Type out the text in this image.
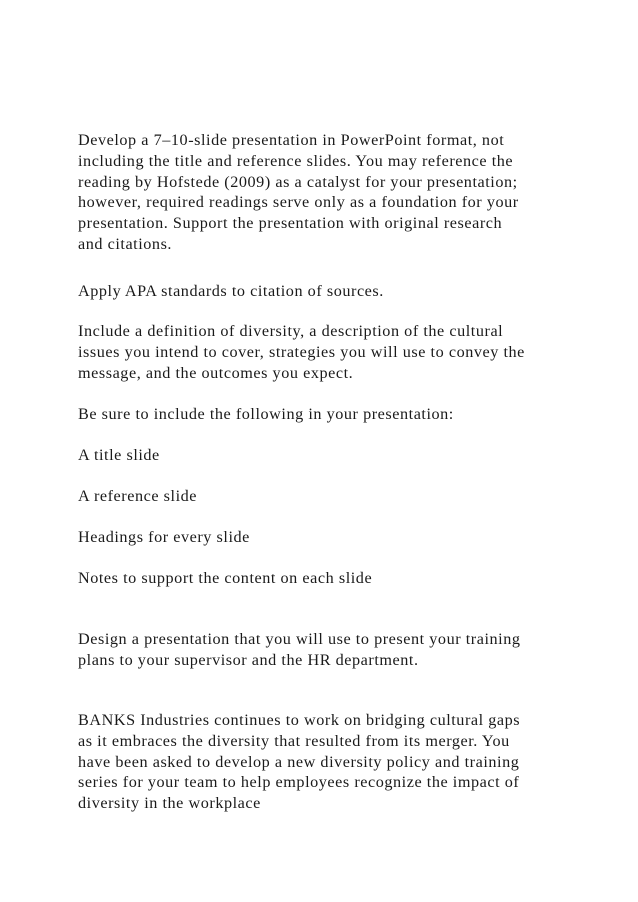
Develop a 7–10-slide presentation in PowerPoint format, not
including the title and reference slides. You may reference the
reading by Hofstede (2009) as a catalyst for your presentation;
however, required readings serve only as a foundation for your
presentation. Support the presentation with original research
and citations.

Apply APA standards to citation of sources.

Include a definition of diversity, a description of the cultural
issues you intend to cover, strategies you will use to convey the
message, and the outcomes you expect.

Be sure to include the following in your presentation:

A title slide

A reference slide

Headings for every slide

Notes to support the content on each slide

Design a presentation that you will use to present your training
plans to your supervisor and the HR department.

BANKS Industries continues to work on bridging cultural gaps
as it embraces the diversity that resulted from its merger. You
have been asked to develop a new diversity policy and training
series for your team to help employees recognize the impact of
diversity in the workplace
